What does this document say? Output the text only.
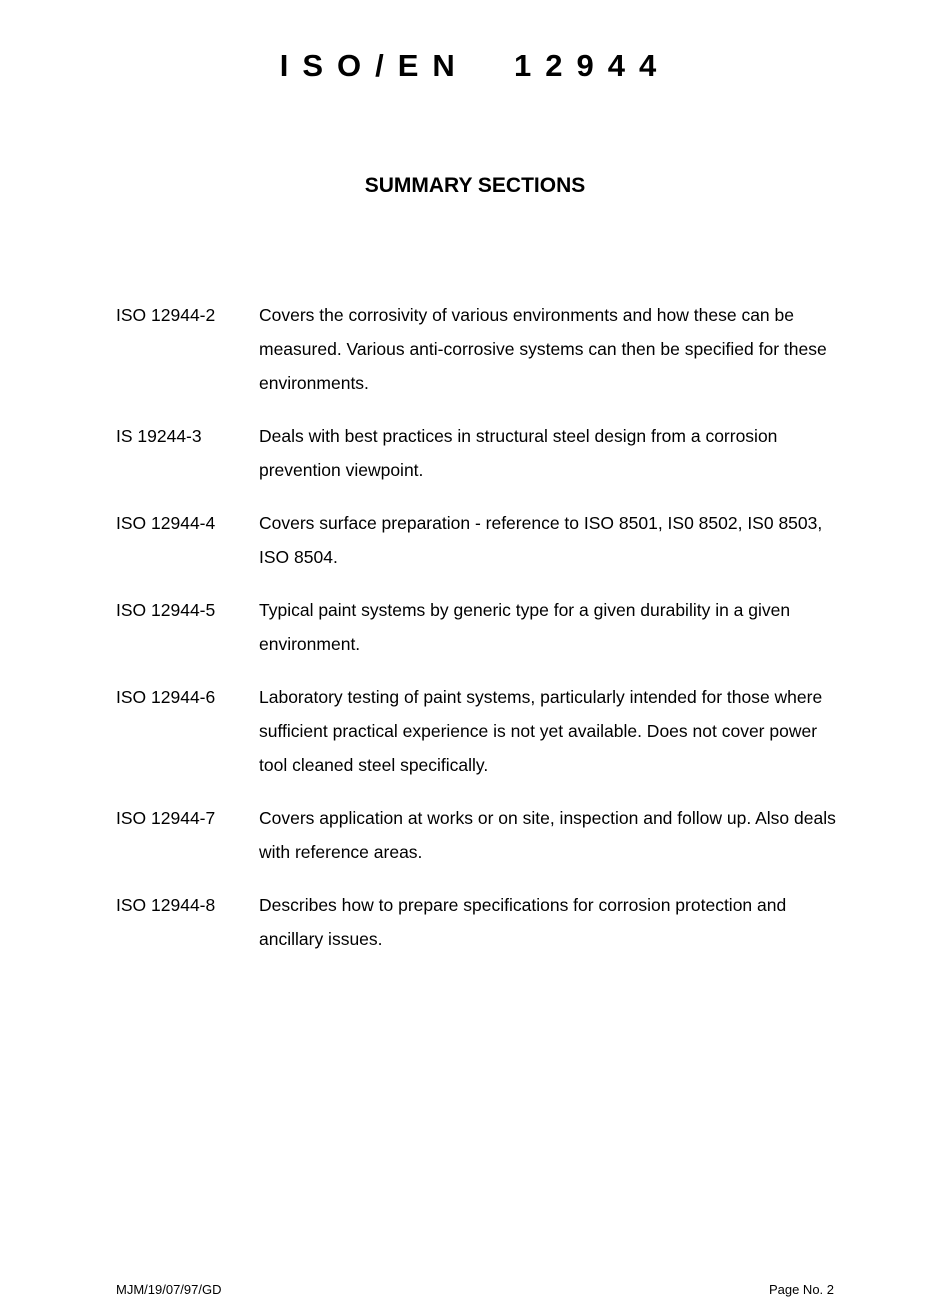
ISO/EN  12944
SUMMARY SECTIONS
ISO 12944-2	Covers the corrosivity of various environments and how these can be measured. Various anti-corrosive systems can then be specified for these environments.
IS 19244-3	Deals with best practices in structural steel design from a corrosion prevention viewpoint.
ISO 12944-4	Covers surface preparation - reference to ISO 8501, IS0 8502, IS0 8503, ISO 8504.
ISO 12944-5	Typical paint systems by generic type for a given durability in a given environment.
ISO 12944-6	Laboratory testing of paint systems, particularly intended for those where sufficient practical experience is not yet available. Does not cover power tool cleaned steel specifically.
ISO 12944-7	Covers application at works or on site, inspection and follow up. Also deals with reference areas.
ISO 12944-8	Describes how to prepare specifications for corrosion protection and ancillary issues.
MJM/19/07/97/GD	Page No. 2
